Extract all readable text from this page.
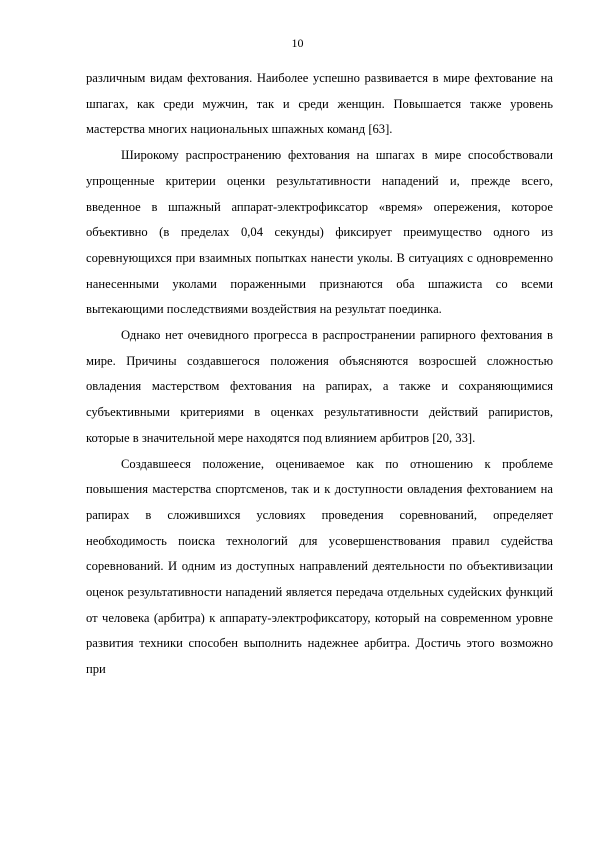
10

различным видам фехтования. Наиболее успешно развивается в мире фехтование на шпагах, как среди мужчин, так и среди женщин. Повышается также уровень мастерства многих национальных шпажных команд [63].

Широкому распространению фехтования на шпагах в мире способствовали упрощенные критерии оценки результативности нападений и, прежде всего, введенное в шпажный аппарат-электрофиксатор «время» опережения, которое объективно (в пределах 0,04 секунды) фиксирует преимущество одного из соревнующихся при взаимных попытках нанести уколы. В ситуациях с одновременно нанесенными уколами пораженными признаются оба шпажиста со всеми вытекающими последствиями воздействия на результат поединка.

Однако нет очевидного прогресса в распространении рапирного фехтования в мире. Причины создавшегося положения объясняются возросшей сложностью овладения мастерством фехтования на рапирах, а также и сохраняющимися субъективными критериями в оценках результативности действий рапиристов, которые в значительной мере находятся под влиянием арбитров [20, 33].

Создавшееся положение, оцениваемое как по отношению к проблеме повышения мастерства спортсменов, так и к доступности овладения фехтованием на рапирах в сложившихся условиях проведения соревнований, определяет необходимость поиска технологий для усовершенствования правил судейства соревнований. И одним из доступных направлений деятельности по объективизации оценок результативности нападений является передача отдельных судейских функций от человека (арбитра) к аппарату-электрофиксатору, который на современном уровне развития техники способен выполнить надежнее арбитра. Достичь этого возможно при
